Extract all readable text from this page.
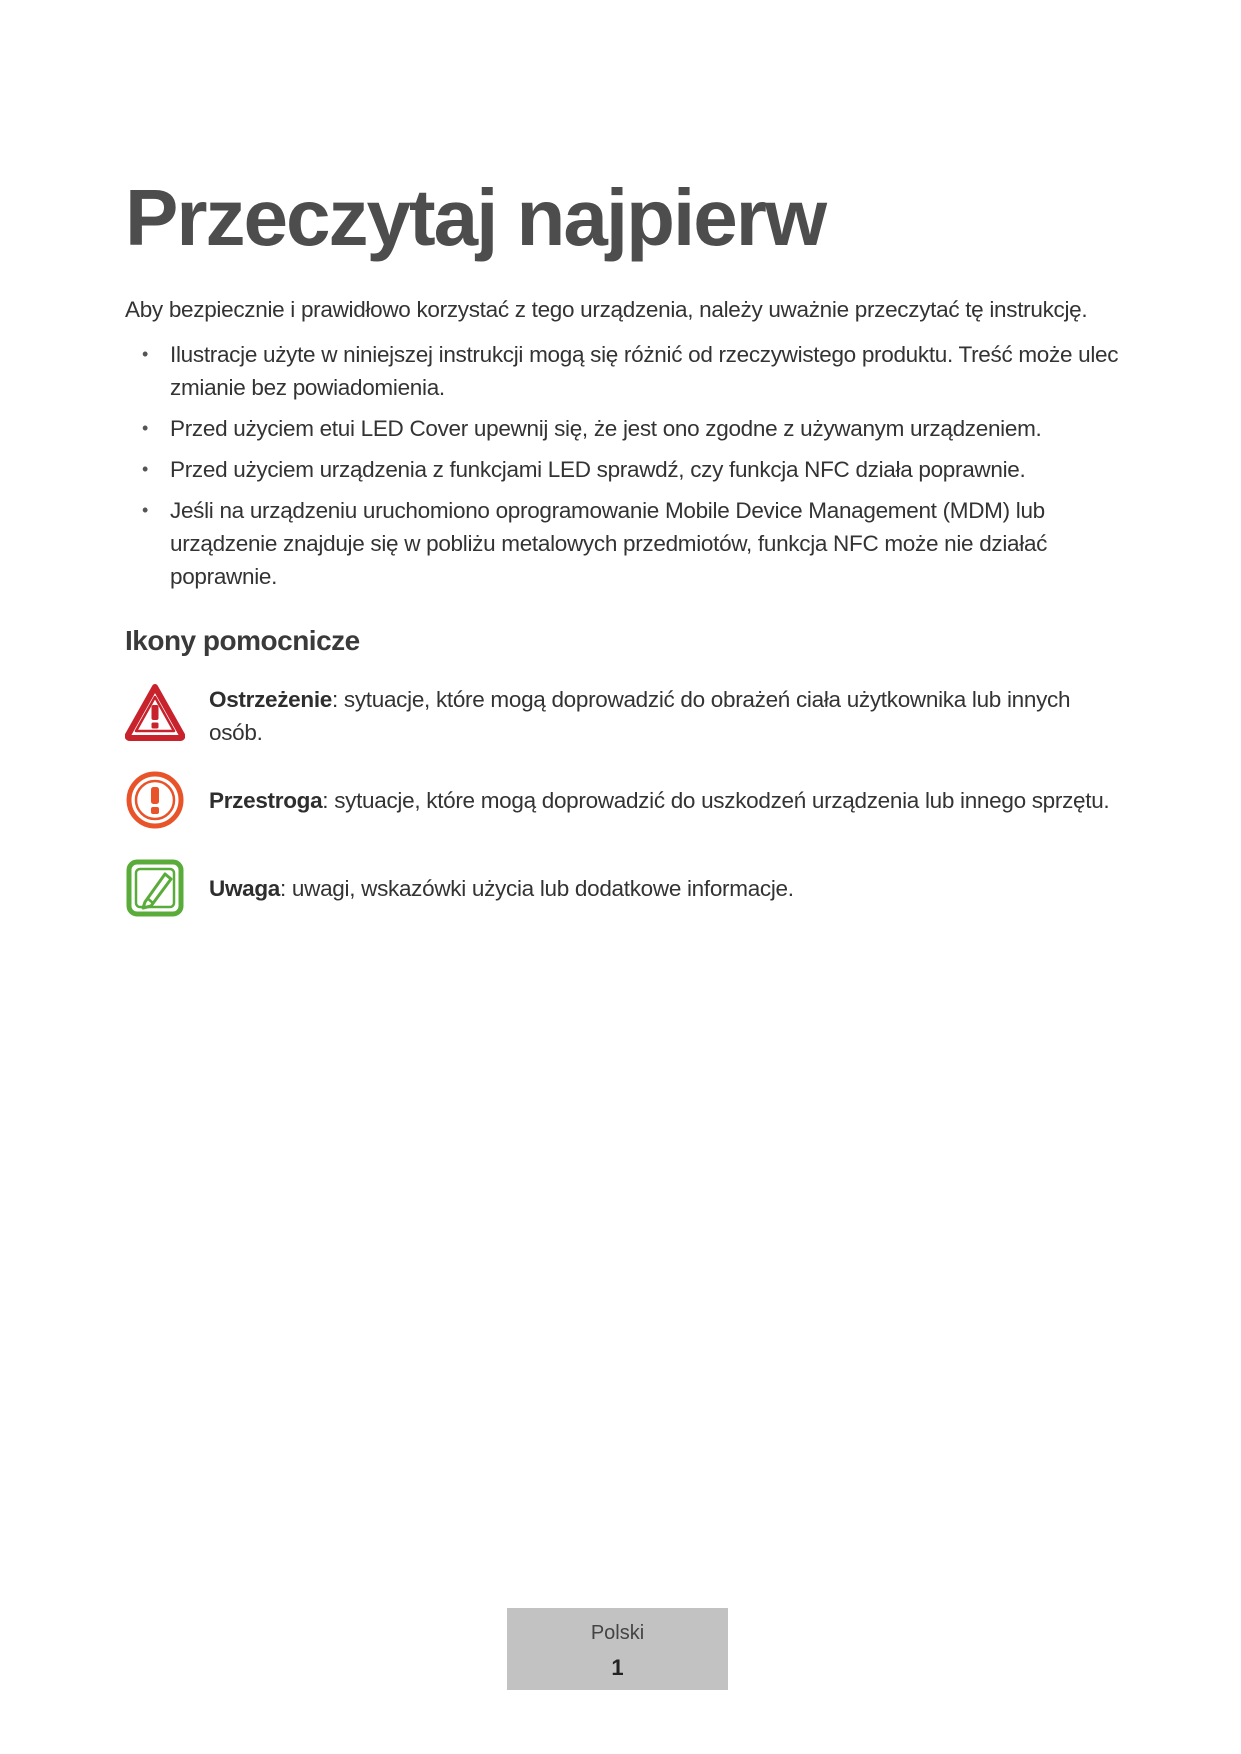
Przeczytaj najpierw

Aby bezpiecznie i prawidłowo korzystać z tego urządzenia, należy uważnie przeczytać tę instrukcję.

• Ilustracje użyte w niniejszej instrukcji mogą się różnić od rzeczywistego produktu. Treść może ulec zmianie bez powiadomienia.
• Przed użyciem etui LED Cover upewnij się, że jest ono zgodne z używanym urządzeniem.
• Przed użyciem urządzenia z funkcjami LED sprawdź, czy funkcja NFC działa poprawnie.
• Jeśli na urządzeniu uruchomiono oprogramowanie Mobile Device Management (MDM) lub urządzenie znajduje się w pobliżu metalowych przedmiotów, funkcja NFC może nie działać poprawnie.
Ikony pomocnicze

Ostrzeżenie: sytuacje, które mogą doprowadzić do obrażeń ciała użytkownika lub innych osób.

Przestroga: sytuacje, które mogą doprowadzić do uszkodzeń urządzenia lub innego sprzętu.

Uwaga: uwagi, wskazówki użycia lub dodatkowe informacje.

Polski
1
